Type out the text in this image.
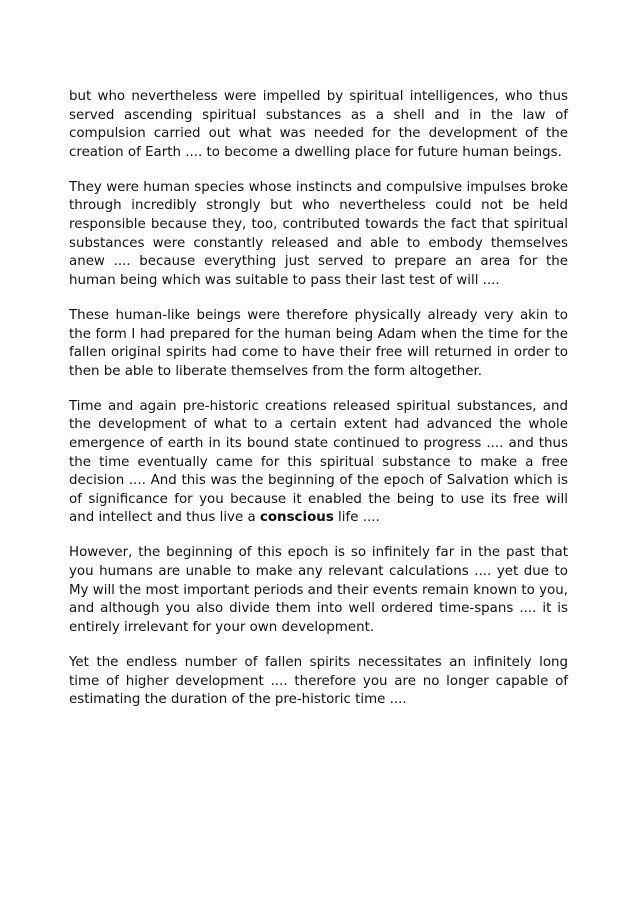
but who nevertheless were impelled by spiritual intelligences, who thus served ascending spiritual substances as a shell and in the law of compulsion carried out what was needed for the development of the creation of Earth .... to become a dwelling place for future human beings.

They were human species whose instincts and compulsive impulses broke through incredibly strongly but who nevertheless could not be held responsible because they, too, contributed towards the fact that spiritual substances were constantly released and able to embody themselves anew .... because everything just served to prepare an area for the human being which was suitable to pass their last test of will ....

These human-like beings were therefore physically already very akin to the form I had prepared for the human being Adam when the time for the fallen original spirits had come to have their free will returned in order to then be able to liberate themselves from the form altogether.

Time and again pre-historic creations released spiritual substances, and the development of what to a certain extent had advanced the whole emergence of earth in its bound state continued to progress .... and thus the time eventually came for this spiritual substance to make a free decision .... And this was the beginning of the epoch of Salvation which is of significance for you because it enabled the being to use its free will and intellect and thus live a conscious life ....

However, the beginning of this epoch is so infinitely far in the past that you humans are unable to make any relevant calculations .... yet due to My will the most important periods and their events remain known to you, and although you also divide them into well ordered time-spans .... it is entirely irrelevant for your own development.

Yet the endless number of fallen spirits necessitates an infinitely long time of higher development .... therefore you are no longer capable of estimating the duration of the pre-historic time ....
